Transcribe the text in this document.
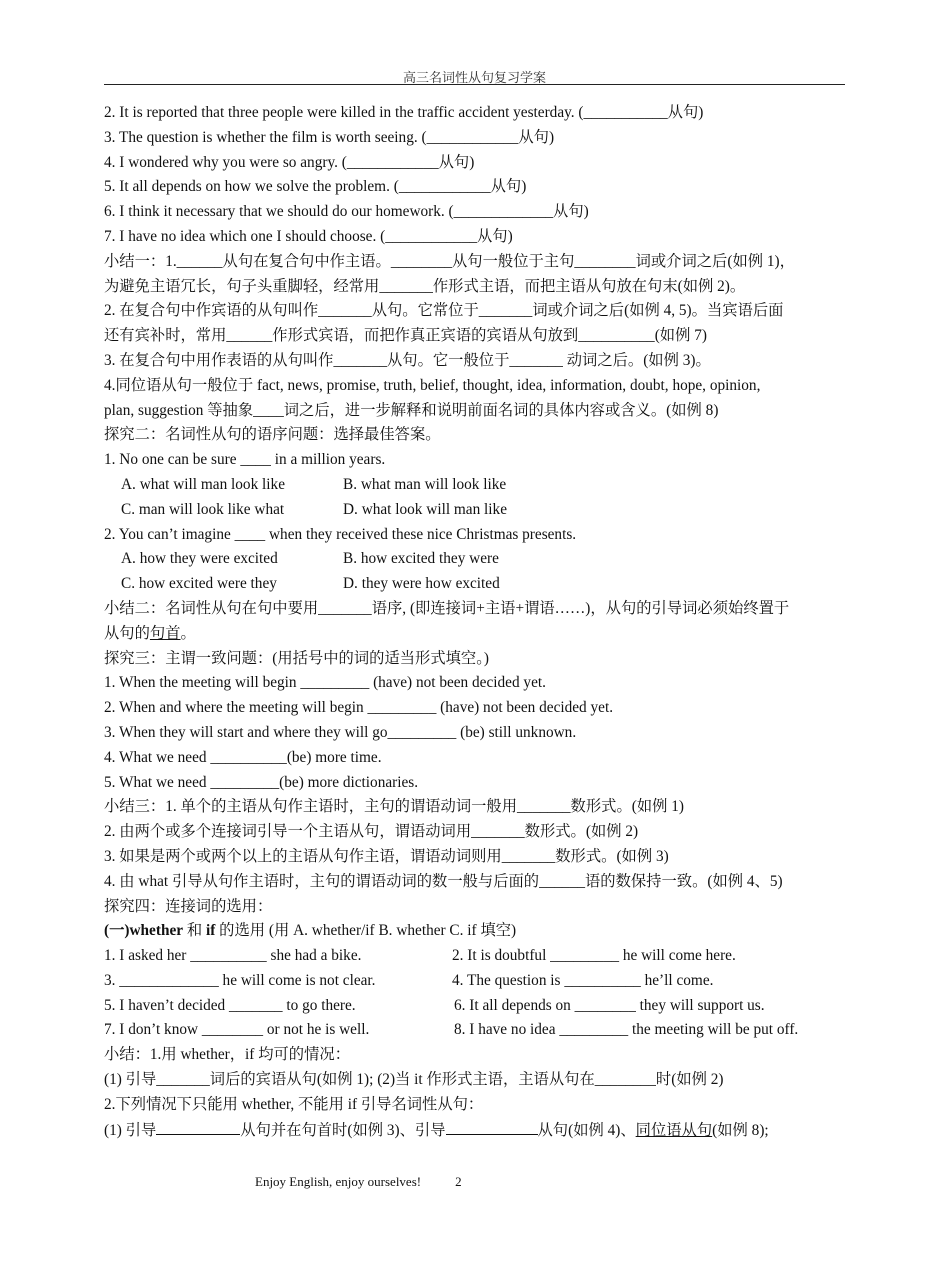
高三名词性从句复习学案
2. It is reported that three people were killed in the traffic accident yesterday. (___________从句)
3. The question is whether the film is worth seeing. (____________从句)
4. I wondered why you were so angry. (____________从句)
5. It all depends on how we solve the problem. (____________从句)
6. I think it necessary that we should do our homework. (_____________从句)
7. I have no idea which one I should choose. (____________从句)
小结一：1.______从句在复合句中作主语。________从句一般位于主句________词或介词之后(如例 1)，
为避免主语冗长，句子头重脚轻，经常用_______作形式主语，而把主语从句放在句末(如例 2)。
2. 在复合句中作宾语的从句叫作_______从句。它常位于_______词或介词之后(如例 4, 5)。当宾语后面
还有宾补时，常用______作形式宾语，而把作真正宾语的宾语从句放到__________(如例 7)
3. 在复合句中用作表语的从句叫作_______从句。它一般位于_______ 动词之后。(如例 3)。
4.同位语从句一般位于 fact, news, promise, truth, belief, thought, idea, information, doubt, hope, opinion,
plan, suggestion 等抽象____词之后，进一步解释和说明前面名词的具体内容或含义。(如例 8)
探究二：名词性从句的语序问题：选择最佳答案。
1. No one can be sure ____ in a million years.
A. what will man look like	B. what man will look like
C. man will look like what	D. what look will man like
2. You can’t imagine ____ when they received these nice Christmas presents.
A. how they were excited	B. how excited they were
C. how excited were they	D. they were how excited
小结二：名词性从句在句中要用_______语序, (即连接词+主语+谓语……)，从句的引导词必须始终置于
从句的句首。
探究三：主谓一致问题：(用括号中的词的适当形式填空。)
1. When the meeting will begin _________ (have) not been decided yet.
2. When and where the meeting will begin _________ (have) not been decided yet.
3. When they will start and where they will go_________ (be) still unknown.
4. What we need __________(be) more time.
5. What we need _________(be) more dictionaries.
小结三：1. 单个的主语从句作主语时，主句的谓语动词一般用_______数形式。(如例 1)
2. 由两个或多个连接词引导一个主语从句，谓语动词用_______数形式。(如例 2)
3. 如果是两个或两个以上的主语从句作主语，谓语动词则用_______数形式。(如例 3)
4. 由 what 引导从句作主语时，主句的谓语动词的数一般与后面的______语的数保持一致。(如例 4、5)
探究四：连接词的选用：
(一)whether 和 if 的选用 (用 A. whether/if B. whether C. if 填空)
1. I asked her __________ she had a bike.	2. It is doubtful _________ he will come here.
3. _____________ he will come is not clear.	4. The question is __________ he’ll come.
5. I haven’t decided _______ to go there.	6. It all depends on ________ they will support us.
7. I don’t know ________ or not he is well.	8. I have no idea _________ the meeting will be put off.
小结：1.用 whether，if 均可的情况：
(1) 引导_______词后的宾语从句(如例 1); (2)当 it 作形式主语，主语从句在________时(如例 2)
2.下列情况下只能用 whether, 不能用 if 引导名词性从句：
(1) 引导	从句并在句首时(如例 3)、引导	从句(如例 4)、同位语从句(如例 8);
Enjoy English, enjoy ourselves!	2
